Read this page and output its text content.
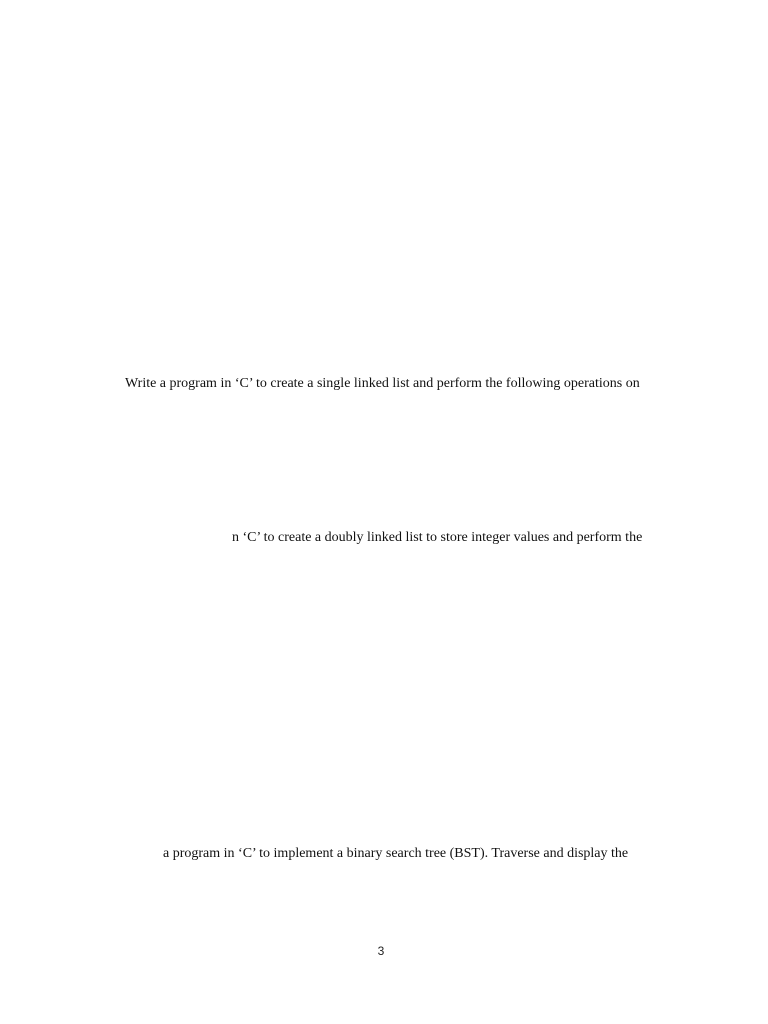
Write a program in ‘C’ to create a single linked list and perform the following operations on
n ‘C’ to create a doubly linked list to store integer values and perform the
a program in ‘C’ to implement a binary search tree (BST). Traverse and display the
3
